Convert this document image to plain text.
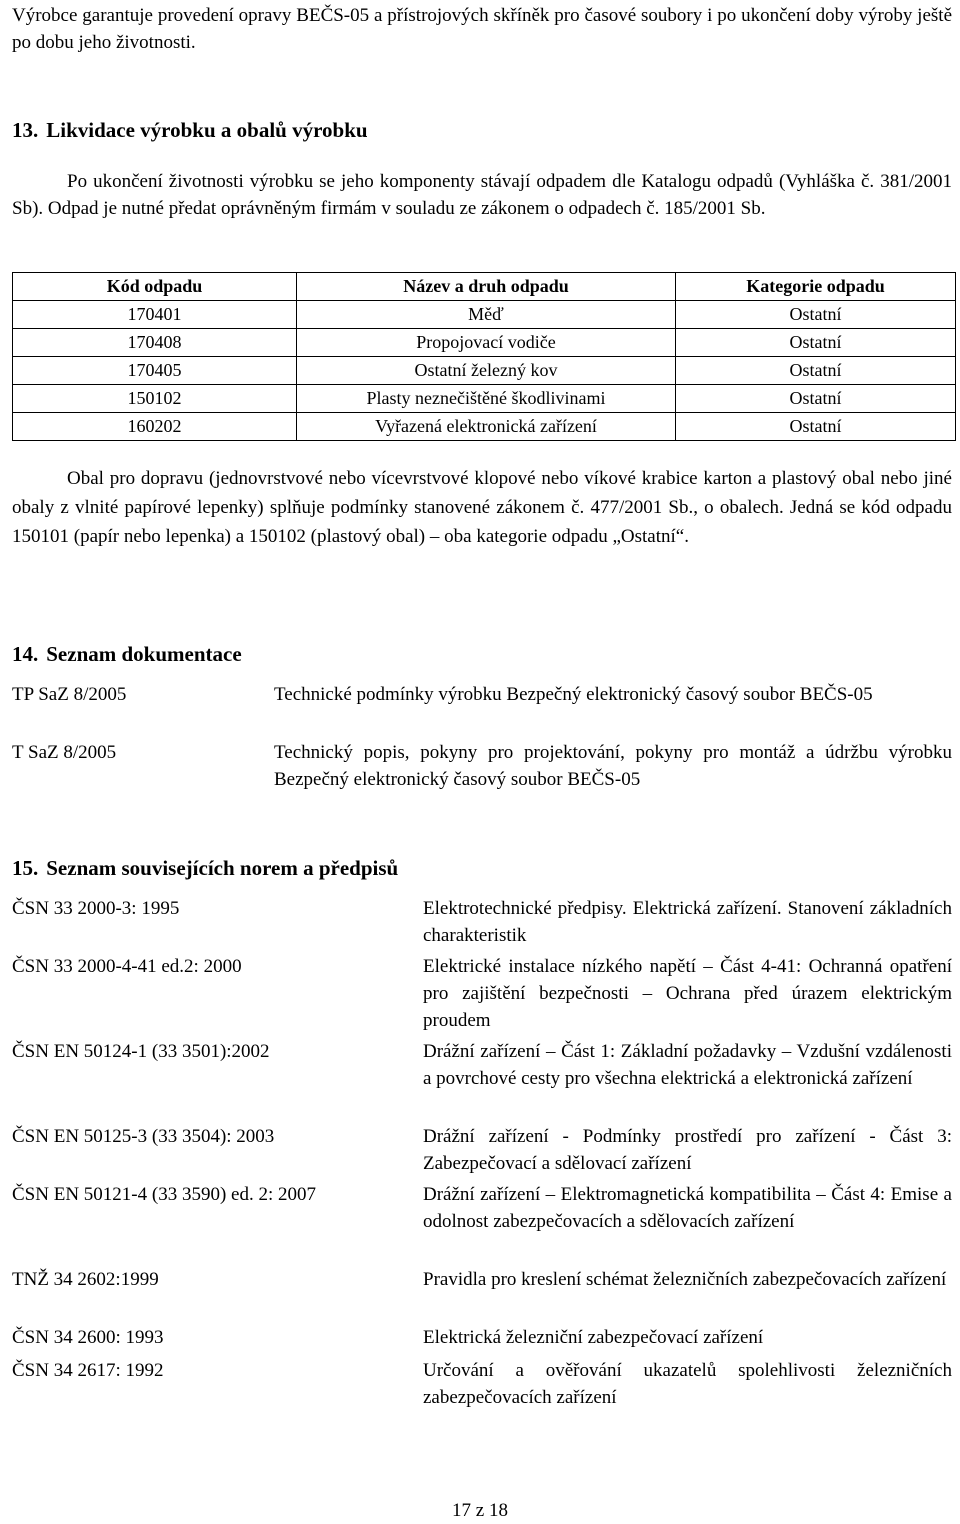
Výrobce garantuje provedení opravy BEČS-05 a přístrojových skříněk pro časové soubory i po ukončení doby výroby ještě po dobu jeho životnosti.

13. Likvidace výrobku a obalů výrobku

Po ukončení životnosti výrobku se jeho komponenty stávají odpadem dle Katalogu odpadů (Vyhláška č. 381/2001 Sb). Odpad je nutné předat oprávněným firmám v souladu ze zákonem o odpadech č. 185/2001 Sb.

Kód odpadu	Název a druh odpadu	Kategorie odpadu
170401	Měď	Ostatní
170408	Propojovací vodiče	Ostatní
170405	Ostatní železný kov	Ostatní
150102	Plasty neznečištěné škodlivinami	Ostatní
160202	Vyřazená elektronická zařízení	Ostatní

Obal pro dopravu (jednovrstvové nebo vícevrstvové klopové nebo víkové krabice karton a plastový obal nebo jiné obaly z vlnité papírové lepenky) splňuje podmínky stanovené zákonem č. 477/2001 Sb., o obalech. Jedná se kód odpadu 150101 (papír nebo lepenka) a 150102 (plastový obal) – oba kategorie odpadu „Ostatní“.

14. Seznam dokumentace
TP SaZ 8/2005	Technické podmínky výrobku Bezpečný elektronický časový soubor BEČS-05
T SaZ 8/2005	Technický popis, pokyny pro projektování, pokyny pro montáž a údržbu výrobku Bezpečný elektronický časový soubor BEČS-05
15. Seznam souvisejících norem a předpisů
ČSN 33 2000-3: 1995	Elektrotechnické předpisy. Elektrická zařízení. Stanovení základních charakteristik
ČSN 33 2000-4-41 ed.2: 2000	Elektrické instalace nízkého napětí – Část 4-41: Ochranná opatření pro zajištění bezpečnosti – Ochrana před úrazem elektrickým proudem
ČSN EN 50124-1 (33 3501):2002	Drážní zařízení – Část 1: Základní požadavky – Vzdušní vzdálenosti a povrchové cesty pro všechna elektrická a elektronická zařízení
ČSN EN 50125-3 (33 3504): 2003	Drážní zařízení - Podmínky prostředí pro zařízení - Část 3: Zabezpečovací a sdělovací zařízení
ČSN EN 50121-4 (33 3590) ed. 2: 2007	Drážní zařízení – Elektromagnetická kompatibilita – Část 4: Emise a odolnost zabezpečovacích a sdělovacích zařízení
TNŽ 34 2602:1999	Pravidla pro kreslení schémat železničních zabezpečovacích zařízení
ČSN 34 2600: 1993	Elektrická železniční zabezpečovací zařízení
ČSN 34 2617: 1992	Určování a ověřování ukazatelů spolehlivosti železničních zabezpečovacích zařízení
17 z 18
